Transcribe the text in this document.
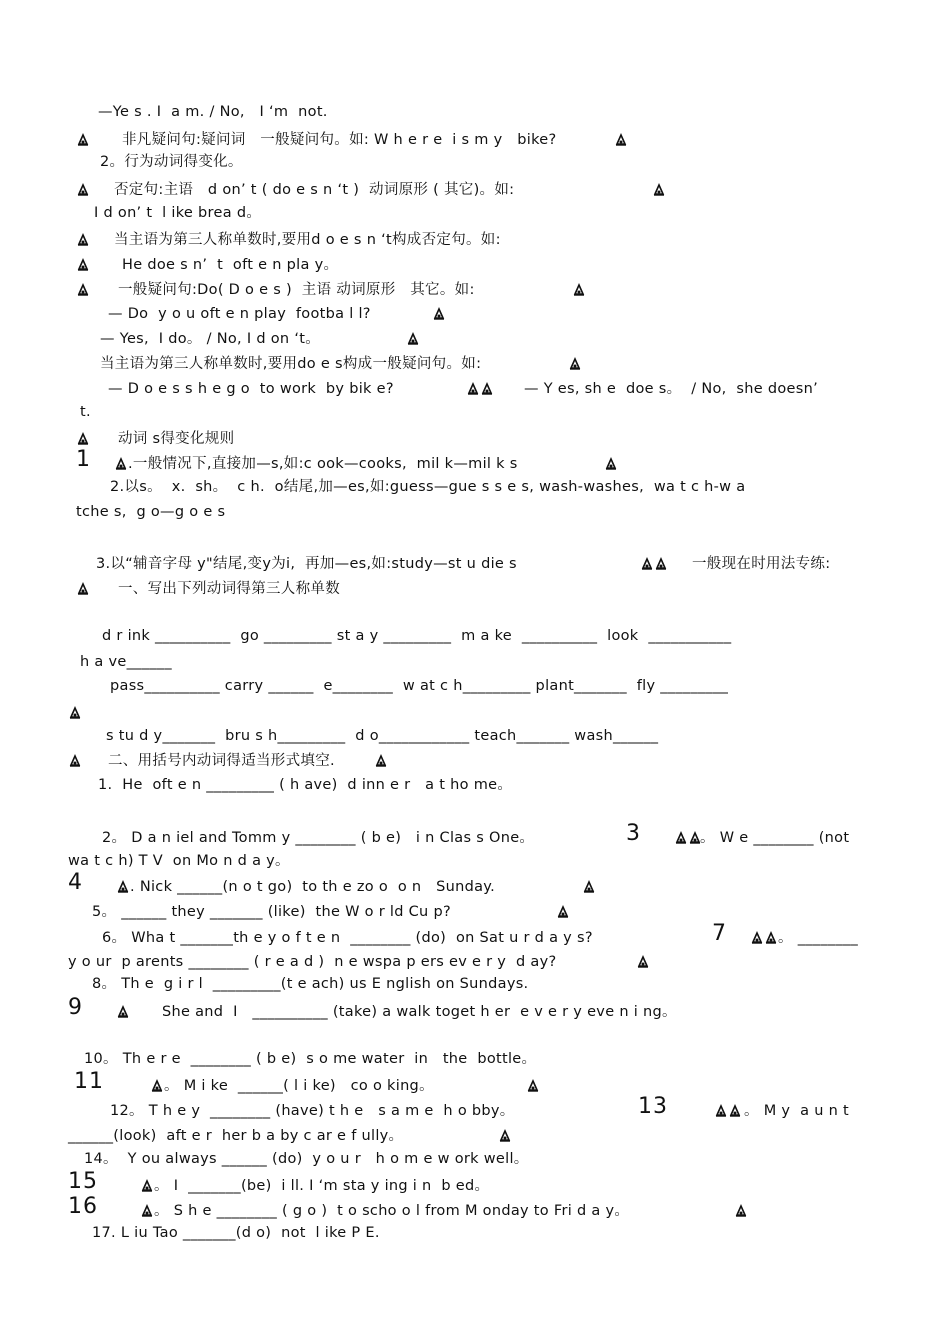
—Ye s . I  a m. / No,   I ‘m  not.
非凡疑问句:疑问词   一般疑问句。如: W h e r e  i s m y   bike?
2。行为动词得变化。
否定句:主语   d on’ t ( do e s n ‘t )  动词原形 ( 其它)。如:
I d on’ t  l ike brea d。
当主语为第三人称单数时,要用d o e s n ‘t构成否定句。如:
He doe s n’  t  oft e n pla y。
一般疑问句:Do( D o e s )  主语 动词原形   其它。如:
— Do  y o u oft e n play  footba l l?
— Yes,  I do。 / No, I d on ‘t。
当主语为第三人称单数时,要用do e s构成一般疑问句。如:
— D o e s s h e g o  to work  by bik e?	— Y es, sh e  doe s。  / No,  she doesn’
t.
动词 s得变化规则
1	.一般情况下,直接加—s,如:c ook—cooks,  mil k—mil k s
2.以s。  x.  sh。  c h.  o结尾,加—es,如:guess—gue s s e s, wash-washes,  wa t c h-w a
tche s,  g o—g o e s
3.以“辅音字母 y"结尾,变y为i,  再加—es,如:study—st u die s	一般现在时用法专练:
一、写出下列动词得第三人称单数
d r ink __________  go _________ st a y _________  m a ke  __________  look  ___________
h a ve______
pass__________ carry ______  e________  w at c h_________ plant_______  fly _________
s tu d y_______  bru s h_________  d o____________ teach_______ wash______
二、用括号内动词得适当形式填空.
1.  He  oft e n _________ ( h ave)  d inn e r   a t ho me。
2。 D a n iel and Tomm y ________ ( b e)   i n Clas s One。	3	。 W e ________ (not
wa t c h) T V  on Mo n d a y。
4	. Nick ______(n o t go)  to th e zo o  o n   Sunday.
5。 ______ they _______ (like)  the W o r ld Cu p?
6。 Wha t _______th e y o f t e n  ________ (do)  on Sat u r d a y s?	7	。 ________
y o ur  p arents ________ ( r e a d )  n e wspa p ers ev e r y  d ay?
8。 Th e  g i r l  _________(t e ach) us E nglish on Sundays.
9	She and  I   __________ (take) a walk toget h er  e v e r y eve n i ng。
10。 Th e r e  ________ ( b e)  s o me water  in   the  bottle。
11	。 M i ke  ______( l i ke)   co o king。
12。 T h e y  ________ (have) t h e   s a m e  h o bby。	13	。 M y  a u n t
______(look)  aft e r  her b a by c ar e f ully。
14。  Y ou always ______ (do)  y o u r   h o m e w ork well。
15	。 I  _______(be)  i ll. I ‘m sta y ing i n  b ed。
16	。 S h e ________ ( g o )  t o scho o l from M onday to Fri d a y。
17. L iu Tao _______(d o)  not  l ike P E.
